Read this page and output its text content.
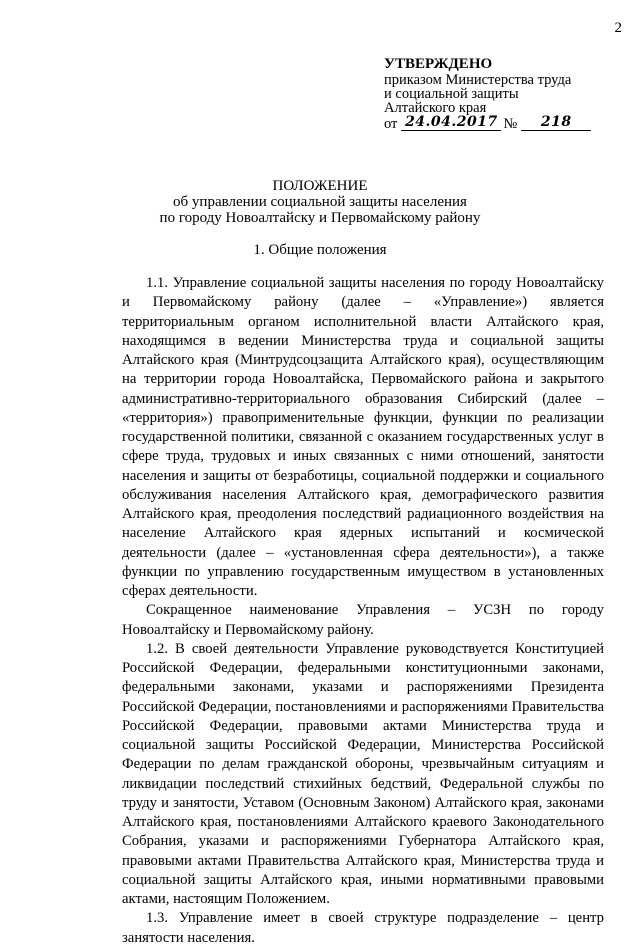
2
УТВЕРЖДЕНО
приказом Министерства труда
и социальной защиты
Алтайского края
от 24.04.2017 №	218
ПОЛОЖЕНИЕ
об управлении социальной защиты населения
по городу Новоалтайску и Первомайскому району
1. Общие положения

1.1. Управление социальной защиты населения по городу Новоалтайску и Первомайскому району (далее – «Управление») является территориальным органом исполнительной власти Алтайского края, находящимся в ведении Министерства труда и социальной защиты Алтайского края (Минтрудсоцзащита Алтайского края), осуществляющим на территории города Новоалтайска, Первомайского района и закрытого административно-территориального образования Сибирский (далее – «территория») правоприменительные функции, функции по реализации государственной политики, связанной с оказанием государственных услуг в сфере труда, трудовых и иных связанных с ними отношений, занятости населения и защиты от безработицы, социальной поддержки и социального обслуживания населения Алтайского края, демографического развития Алтайского края, преодоления последствий радиационного воздействия на население Алтайского края ядерных испытаний и космической деятельности (далее – «установленная сфера деятельности»), а также функции по управлению государственным имуществом в установленных сферах деятельности.

Сокращенное наименование Управления – УСЗН по городу Новоалтайску и Первомайскому району.

1.2. В своей деятельности Управление руководствуется Конституцией Российской Федерации, федеральными конституционными законами, федеральными законами, указами и распоряжениями Президента Российской Федерации, постановлениями и распоряжениями Правительства Российской Федерации, правовыми актами Министерства труда и социальной защиты Российской Федерации, Министерства Российской Федерации по делам гражданской обороны, чрезвычайным ситуациям и ликвидации последствий стихийных бедствий, Федеральной службы по труду и занятости, Уставом (Основным Законом) Алтайского края, законами Алтайского края, постановлениями Алтайского краевого Законодательного Собрания, указами и распоряжениями Губернатора Алтайского края, правовыми актами Правительства Алтайского края, Министерства труда и социальной защиты Алтайского края, иными нормативными правовыми актами, настоящим Положением.

1.3. Управление имеет в своей структуре подразделение – центр занятости населения.
